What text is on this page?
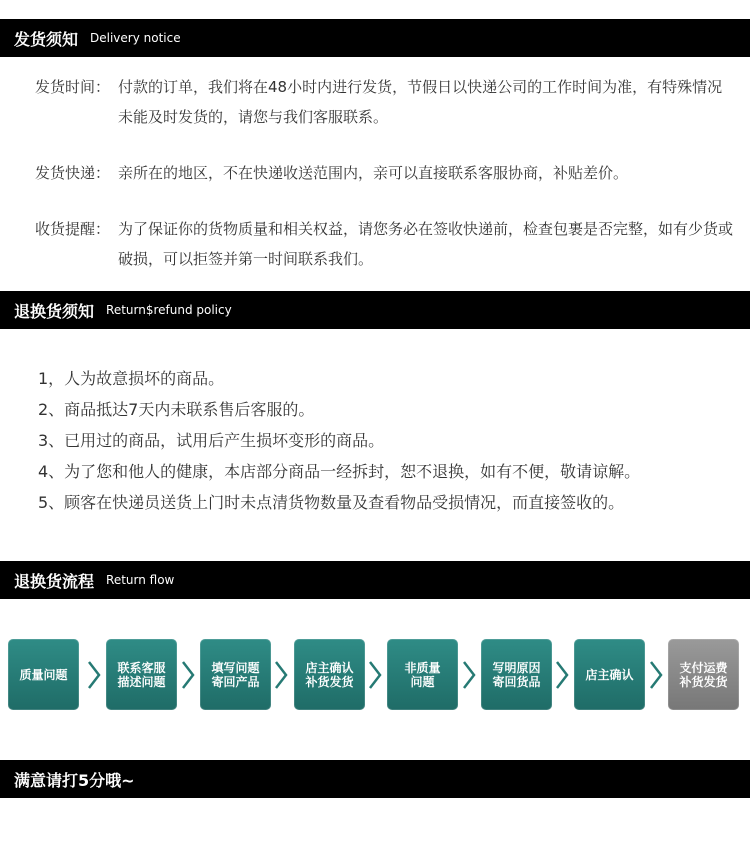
发货须知 Delivery notice
发货时间： 付款的订单，我们将在48小时内进行发货，节假日以快递公司的工作时间为准，有特殊情况未能及时发货的，请您与我们客服联系。
发货快递： 亲所在的地区，不在快递收送范围内，亲可以直接联系客服协商，补贴差价。
收货提醒： 为了保证你的货物质量和相关权益，请您务必在签收快递前，检查包裹是否完整，如有少货或破损，可以拒签并第一时间联系我们。
退换货须知 Return$refund policy
1，人为故意损坏的商品。
2、商品抵达7天内未联系售后客服的。
3、已用过的商品，试用后产生损坏变形的商品。
4、为了您和他人的健康，本店部分商品一经拆封，恕不退换，如有不便，敬请谅解。
5、顾客在快递员送货上门时未点清货物数量及查看物品受损情况，而直接签收的。
退换货流程 Return flow
质量问题	联系客服
描述问题
填写问题
寄回产品
店主确认
补货发货
非质量
问题
写明原因
寄回货品	店主确认	支付运费
补货发货
满意请打5分哦~
